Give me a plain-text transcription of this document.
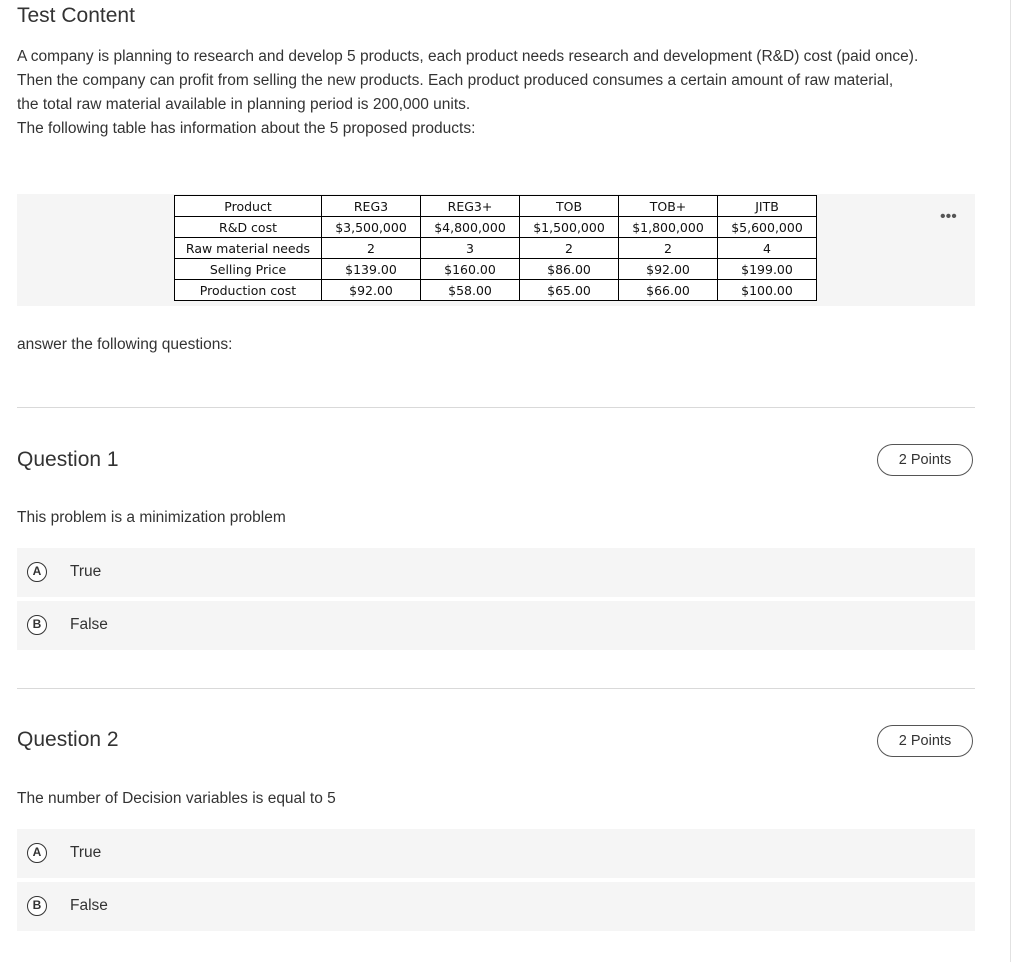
Test Content
A company is planning to research and develop 5 products, each product needs research and development (R&D) cost (paid once).
Then the company can profit from selling the new products. Each product produced consumes a certain amount of raw material,
the total raw material available in planning period is 200,000 units.
The following table has information about the 5 proposed products:
•••
Product	REG3	REG3+	TOB	TOB+	JITB
R&D cost	$3,500,000	$4,800,000	$1,500,000	$1,800,000	$5,600,000
Raw material needs	2	3	2	2	4
Selling Price	$139.00	$160.00	$86.00	$92.00	$199.00
Production cost	$92.00	$58.00	$65.00	$66.00	$100.00
answer the following questions:
Question 1	2 Points
This problem is a minimization problem
A	True
B	False
Question 2	2 Points
The number of Decision variables is equal to 5
A	True
B	False
